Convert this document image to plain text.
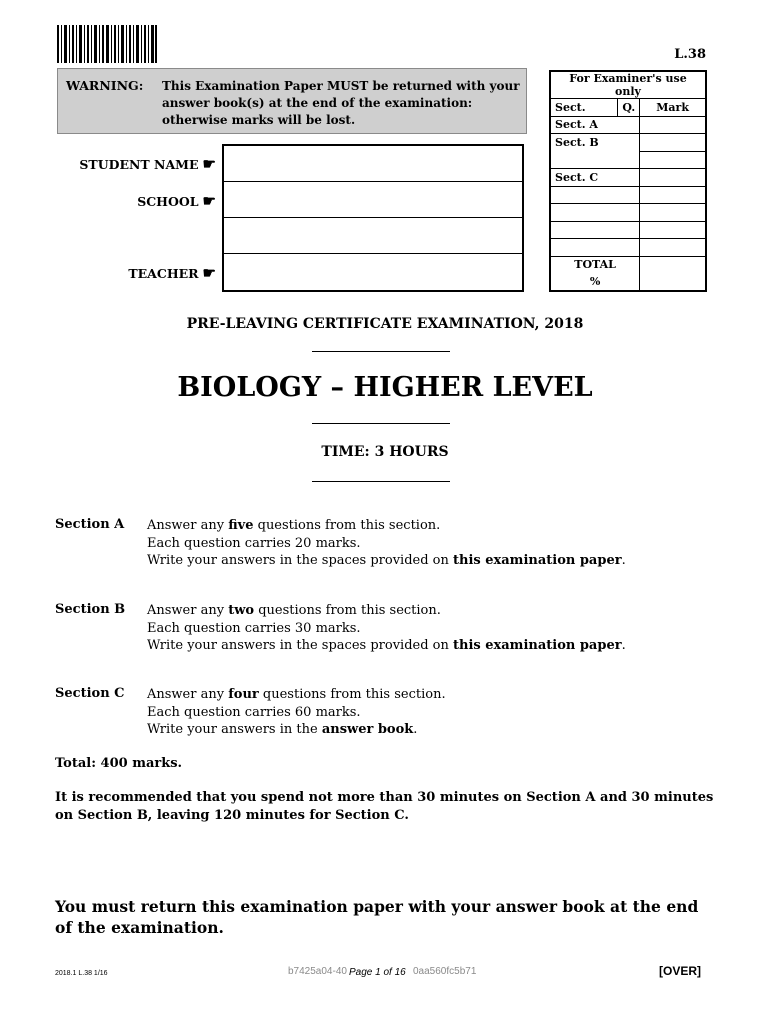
L.38
WARNING: This Examination Paper MUST be returned with your answer book(s) at the end of the examination: otherwise marks will be lost.
STUDENT NAME ☛
SCHOOL ☛
TEACHER ☛
For Examiner's use only		
Sect.	Q.	Mark
Sect. A		
Sect. B		

Sect. C		

TOTAL		
%		
PRE-LEAVING CERTIFICATE EXAMINATION, 2018
BIOLOGY – HIGHER LEVEL
TIME: 3 HOURS
Section A Answer any five questions from this section.
Each question carries 20 marks.
Write your answers in the spaces provided on this examination paper.
Section B Answer any two questions from this section.
Each question carries 30 marks.
Write your answers in the spaces provided on this examination paper.
Section C Answer any four questions from this section.
Each question carries 60 marks.
Write your answers in the answer book.
Total: 400 marks.
It is recommended that you spend not more than 30 minutes on Section A and 30 minutes on Section B, leaving 120 minutes for Section C.
You must return this examination paper with your answer book at the end of the examination.
2018.1 L.38 1/16	b7425a04-40 Page 1 of 16 0aa560fc5b71	[OVER]
